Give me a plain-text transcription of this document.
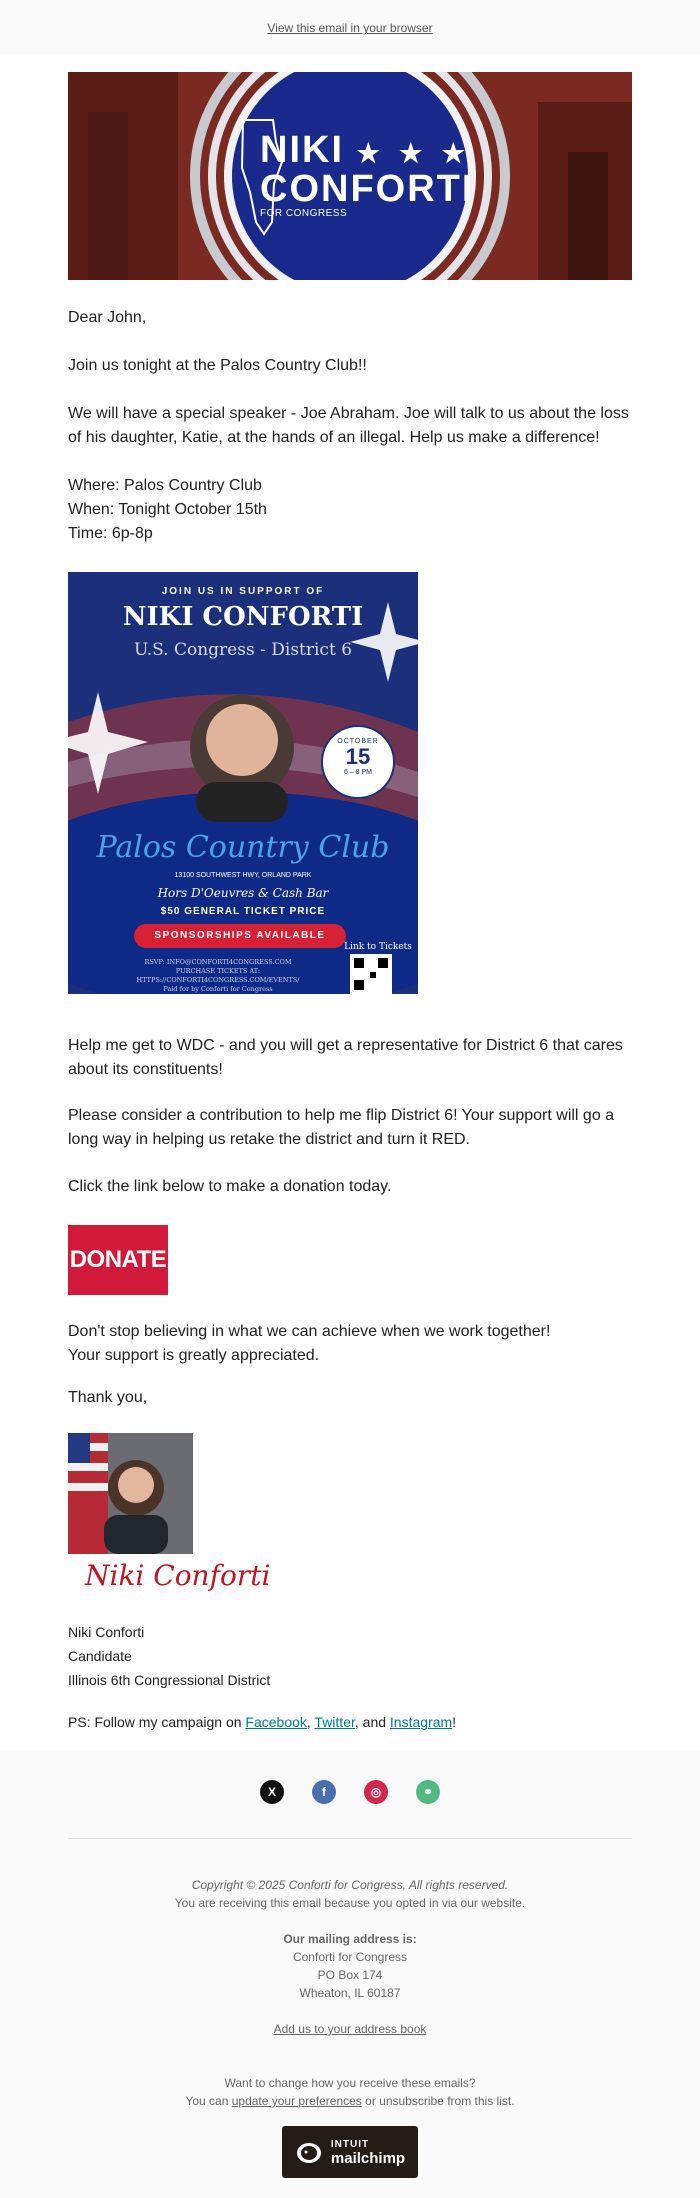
View this email in your browser
NIKI ★ ★ ★
CONFORTI
FOR CONGRESS
Dear John,
Join us tonight at the Palos Country Club!!
We will have a special speaker - Joe Abraham. Joe will talk to us about the loss of his daughter, Katie, at the hands of an illegal. Help us make a difference!
Where: Palos Country Club
When: Tonight October 15th
Time: 6p-8p
JOIN US IN SUPPORT OF
NIKI CONFORTI
U.S. Congress - District 6
OCTOBER
15
6 – 8 PM
Palos Country Club
13100 SOUTHWEST HWY, ORLAND PARK
Hors D'Oeuvres & Cash Bar
$50 GENERAL TICKET PRICE
SPONSORSHIPS AVAILABLE
Link to Tickets
RSVP: INFO@CONFORTI4CONGRESS.COM
PURCHASE TICKETS AT:
HTTPS://CONFORTI4CONGRESS.COM/EVENTS/
Paid for by Conforti for Congress
Help me get to WDC - and you will get a representative for District 6 that cares about its constituents!
Please consider a contribution to help me flip District 6! Your support will go a long way in helping us retake the district and turn it RED.
Click the link below to make a donation today.
DONATE
Don't stop believing in what we can achieve when we work together!
Your support is greatly appreciated.
Thank you,
Niki Conforti
Niki Conforti
Candidate
Illinois 6th Congressional District
PS: Follow my campaign on Facebook, Twitter, and Instagram!
X	f	◎	⚭
Copyright © 2025 Conforti for Congress, All rights reserved.
You are receiving this email because you opted in via our website.
Our mailing address is:
Conforti for Congress
PO Box 174
Wheaton, IL 60187
Add us to your address book
Want to change how you receive these emails?
You can update your preferences or unsubscribe from this list.
INTUIT
mailchimp
